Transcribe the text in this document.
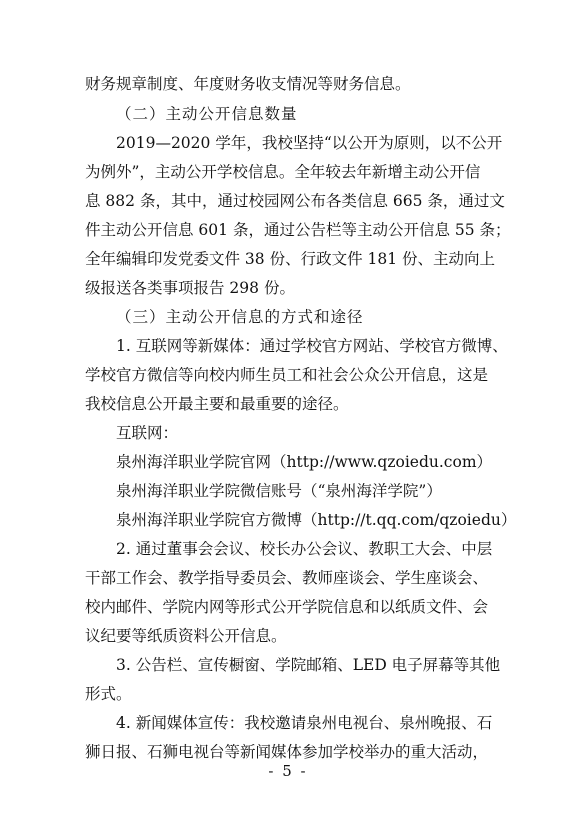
财务规章制度、年度财务收支情况等财务信息。
（二）主动公开信息数量
2019—2020 学年，我校坚持“以公开为原则，以不公开
为例外”，主动公开学校信息。全年较去年新增主动公开信
息 882 条，其中，通过校园网公布各类信息 665 条，通过文
件主动公开信息 601 条，通过公告栏等主动公开信息 55 条；
全年编辑印发党委文件 38 份、行政文件 181 份、主动向上
级报送各类事项报告 298 份。
（三）主动公开信息的方式和途径
1. 互联网等新媒体：通过学校官方网站、学校官方微博、
学校官方微信等向校内师生员工和社会公众公开信息，这是
我校信息公开最主要和最重要的途径。
互联网：
泉州海洋职业学院官网（http://www.qzoiedu.com）
泉州海洋职业学院微信账号（“泉州海洋学院”）
泉州海洋职业学院官方微博（http://t.qq.com/qzoiedu）
2. 通过董事会会议、校长办公会议、教职工大会、中层
干部工作会、教学指导委员会、教师座谈会、学生座谈会、
校内邮件、学院内网等形式公开学院信息和以纸质文件、会
议纪要等纸质资料公开信息。
3. 公告栏、宣传橱窗、学院邮箱、LED 电子屏幕等其他
形式。
4. 新闻媒体宣传：我校邀请泉州电视台、泉州晚报、石
狮日报、石狮电视台等新闻媒体参加学校举办的重大活动，
- 5 -
